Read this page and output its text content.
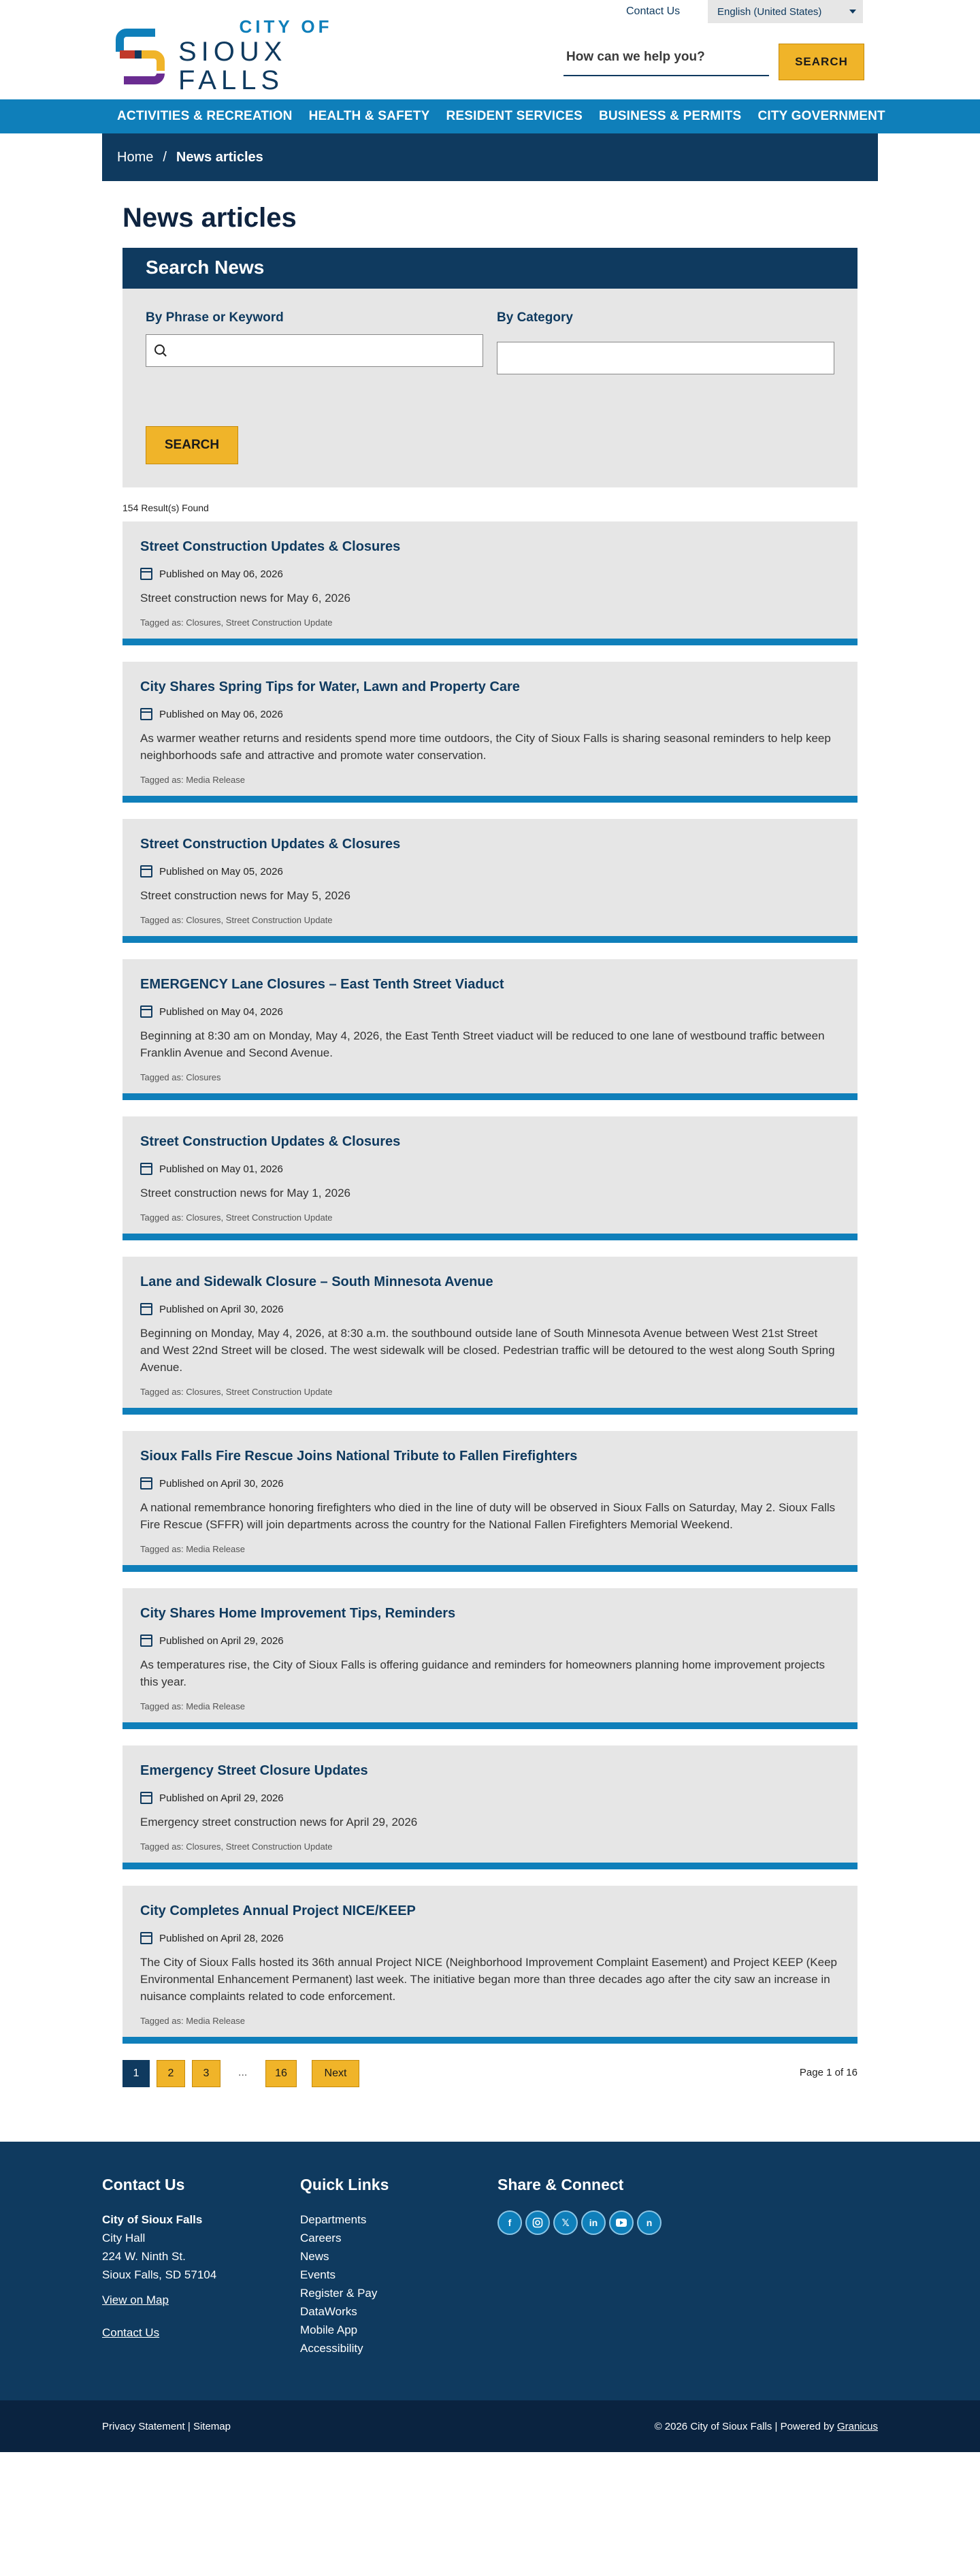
Contact Us	English (United States)
CITY OF
SIOUX FALLS
How can we help you?
SEARCH
ACTIVITIES & RECREATION HEALTH & SAFETY RESIDENT SERVICES BUSINESS & PERMITS CITY GOVERNMENT
Home / News articles
News articles
Search News
By Phrase or Keyword	By Category
SEARCH
154 Result(s) Found
Street Construction Updates & Closures
Published on May 06, 2026

Street construction news for May 6, 2026

Tagged as: Closures, Street Construction Update

City Shares Spring Tips for Water, Lawn and Property Care
Published on May 06, 2026

As warmer weather returns and residents spend more time outdoors, the City of Sioux Falls is sharing seasonal reminders to help keep neighborhoods safe and attractive and promote water conservation.

Tagged as: Media Release

Street Construction Updates & Closures
Published on May 05, 2026

Street construction news for May 5, 2026

Tagged as: Closures, Street Construction Update

EMERGENCY Lane Closures – East Tenth Street Viaduct
Published on May 04, 2026

Beginning at 8:30 am on Monday, May 4, 2026, the East Tenth Street viaduct will be reduced to one lane of westbound traffic between Franklin Avenue and Second Avenue.

Tagged as: Closures

Street Construction Updates & Closures
Published on May 01, 2026

Street construction news for May 1, 2026

Tagged as: Closures, Street Construction Update

Lane and Sidewalk Closure – South Minnesota Avenue
Published on April 30, 2026

Beginning on Monday, May 4, 2026, at 8:30 a.m. the southbound outside lane of South Minnesota Avenue between West 21st Street and West 22nd Street will be closed. The west sidewalk will be closed. Pedestrian traffic will be detoured to the west along South Spring Avenue.

Tagged as: Closures, Street Construction Update

Sioux Falls Fire Rescue Joins National Tribute to Fallen Firefighters
Published on April 30, 2026

A national remembrance honoring firefighters who died in the line of duty will be observed in Sioux Falls on Saturday, May 2. Sioux Falls Fire Rescue (SFFR) will join departments across the country for the National Fallen Firefighters Memorial Weekend.

Tagged as: Media Release

City Shares Home Improvement Tips, Reminders
Published on April 29, 2026

As temperatures rise, the City of Sioux Falls is offering guidance and reminders for homeowners planning home improvement projects this year.

Tagged as: Media Release

Emergency Street Closure Updates
Published on April 29, 2026

Emergency street construction news for April 29, 2026

Tagged as: Closures, Street Construction Update

City Completes Annual Project NICE/KEEP
Published on April 28, 2026

The City of Sioux Falls hosted its 36th annual Project NICE (Neighborhood Improvement Complaint Easement) and Project KEEP (Keep Environmental Enhancement Permanent) last week. The initiative began more than three decades ago after the city saw an increase in nuisance complaints related to code enforcement.

Tagged as: Media Release

1	2	3	...	16	Next	Page 1 of 16
Contact Us
City of Sioux Falls
City Hall
224 W. Ninth St.
Sioux Falls, SD 57104
View on Map
Contact Us
Quick Links
Departments
Careers
News
Events
Register & Pay
DataWorks
Mobile App
Accessibility
Share & Connect
f	𝕏	in	n
Privacy Statement | Sitemap	© 2026 City of Sioux Falls | Powered by Granicus
